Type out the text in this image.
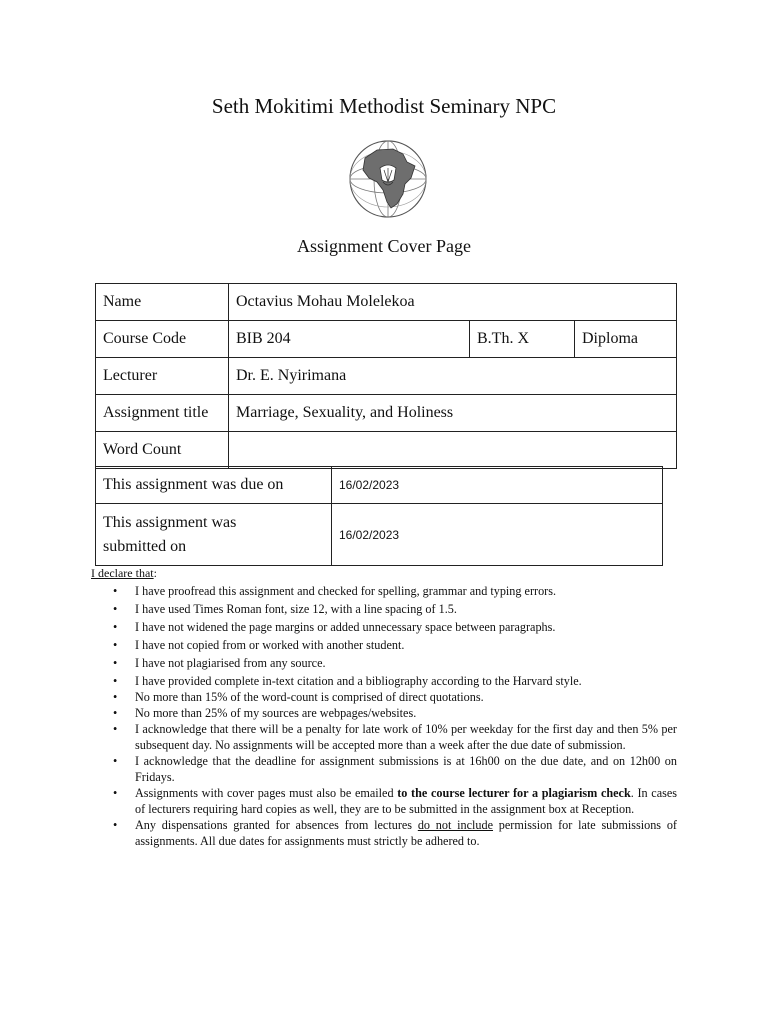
Seth Mokitimi Methodist Seminary NPC
Assignment Cover Page
Name	Octavius Mohau Molelekoa		
Course Code	BIB 204	B.Th. X	Diploma
Lecturer	Dr. E. Nyirimana		
Assignment title	Marriage, Sexuality, and Holiness		
Word Count			
This assignment was due on	16/02/2023
This assignment was
submitted on	16/02/2023
I declare that:
• I have proofread this assignment and checked for spelling, grammar and typing errors.
• I have used Times Roman font, size 12, with a line spacing of 1.5.
• I have not widened the page margins or added unnecessary space between paragraphs.
• I have not copied from or worked with another student.
• I have not plagiarised from any source.
• I have provided complete in-text citation and a bibliography according to the Harvard style.
• No more than 15% of the word-count is comprised of direct quotations.
• No more than 25% of my sources are webpages/websites.
• I acknowledge that there will be a penalty for late work of 10% per weekday for the first day and then 5% per subsequent day. No assignments will be accepted more than a week after the due date of submission.
• I acknowledge that the deadline for assignment submissions is at 16h00 on the due date, and on 12h00 on Fridays.
• Assignments with cover pages must also be emailed to the course lecturer for a plagiarism check. In cases of lecturers requiring hard copies as well, they are to be submitted in the assignment box at Reception.
• Any dispensations granted for absences from lectures do not include permission for late submissions of assignments. All due dates for assignments must strictly be adhered to.
